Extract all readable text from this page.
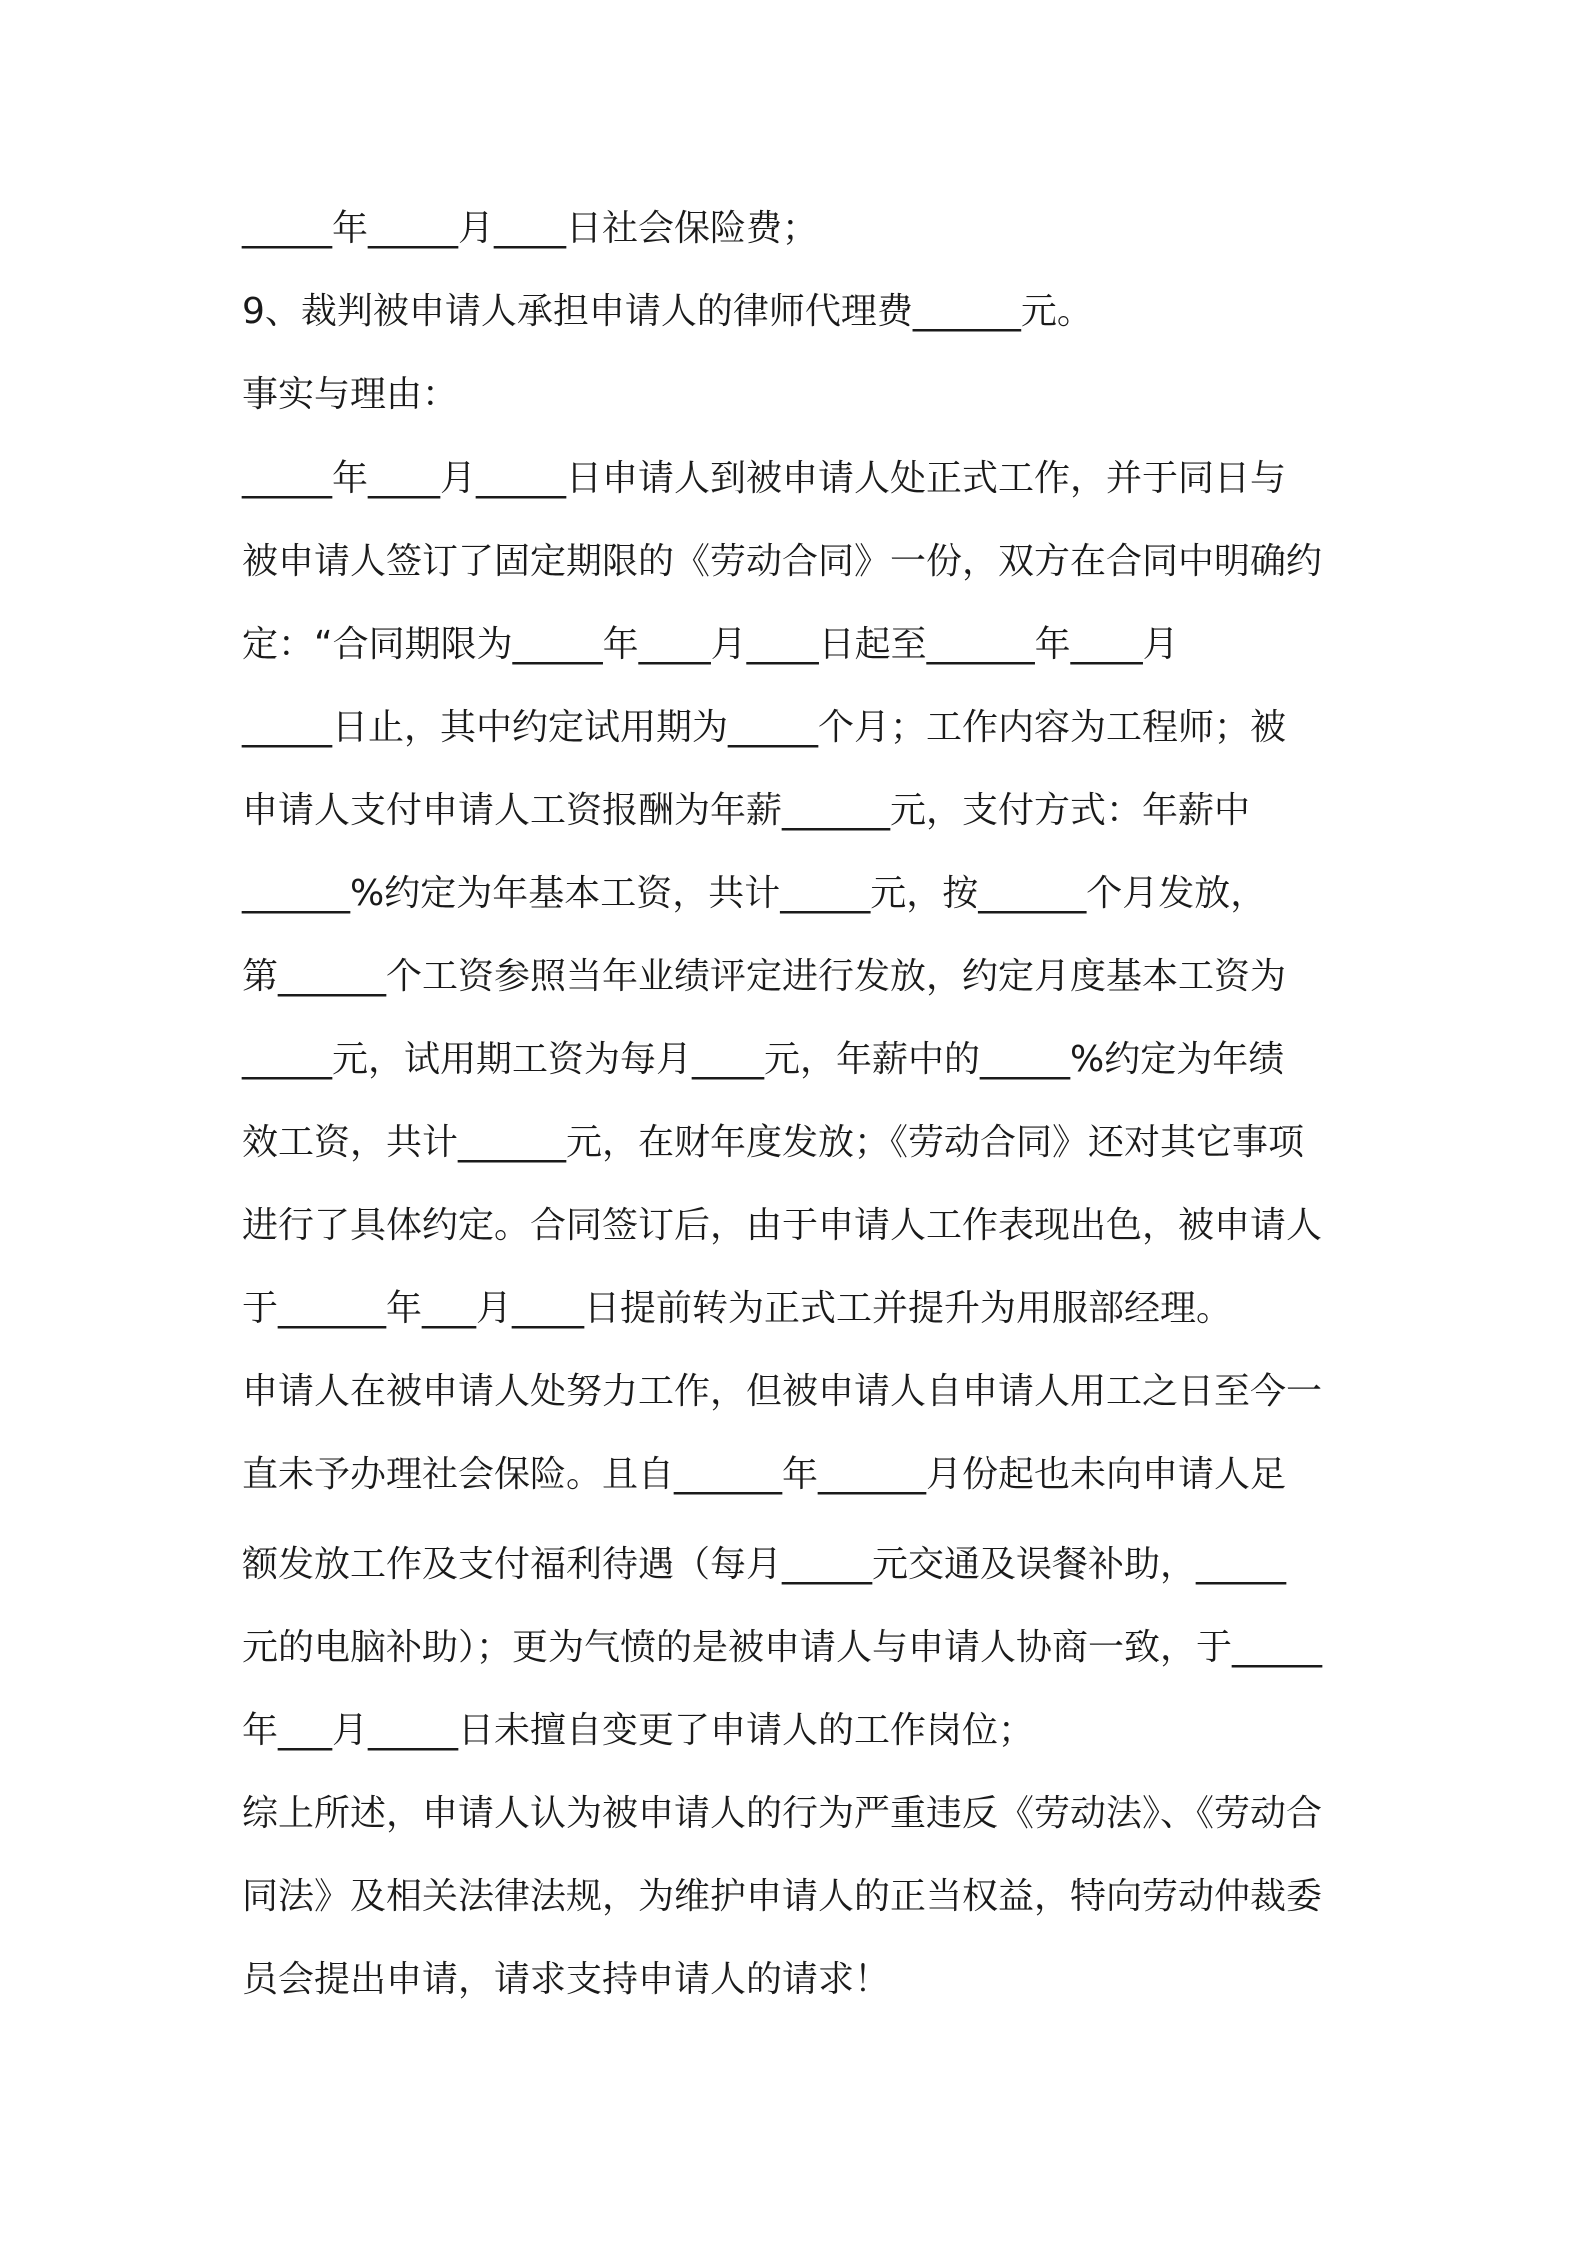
_____年_____月____日社会保险费；
9、裁判被申请人承担申请人的律师代理费______元。
事实与理由：
_____年____月_____日申请人到被申请人处正式工作，并于同日与
被申请人签订了固定期限的《劳动合同》一份，双方在合同中明确约
定：“合同期限为_____年____月____日起至______年____月
_____日止，其中约定试用期为_____个月；工作内容为工程师；被
申请人支付申请人工资报酬为年薪______元，支付方式：年薪中
______%约定为年基本工资，共计_____元，按______个月发放，
第______个工资参照当年业绩评定进行发放，约定月度基本工资为
_____元，试用期工资为每月____元，年薪中的_____%约定为年绩
效工资，共计______元，在财年度发放；《劳动合同》还对其它事项
进行了具体约定。合同签订后，由于申请人工作表现出色，被申请人
于______年___月____日提前转为正式工并提升为用服部经理。
申请人在被申请人处努力工作，但被申请人自申请人用工之日至今一
直未予办理社会保险。且自______年______月份起也未向申请人足
额发放工作及支付福利待遇（每月_____元交通及误餐补助，_____
元的电脑补助）；更为气愤的是被申请人与申请人协商一致，于_____
年___月_____日未擅自变更了申请人的工作岗位；
综上所述，申请人认为被申请人的行为严重违反《劳动法》、《劳动合
同法》及相关法律法规，为维护申请人的正当权益，特向劳动仲裁委
员会提出申请，请求支持申请人的请求！
